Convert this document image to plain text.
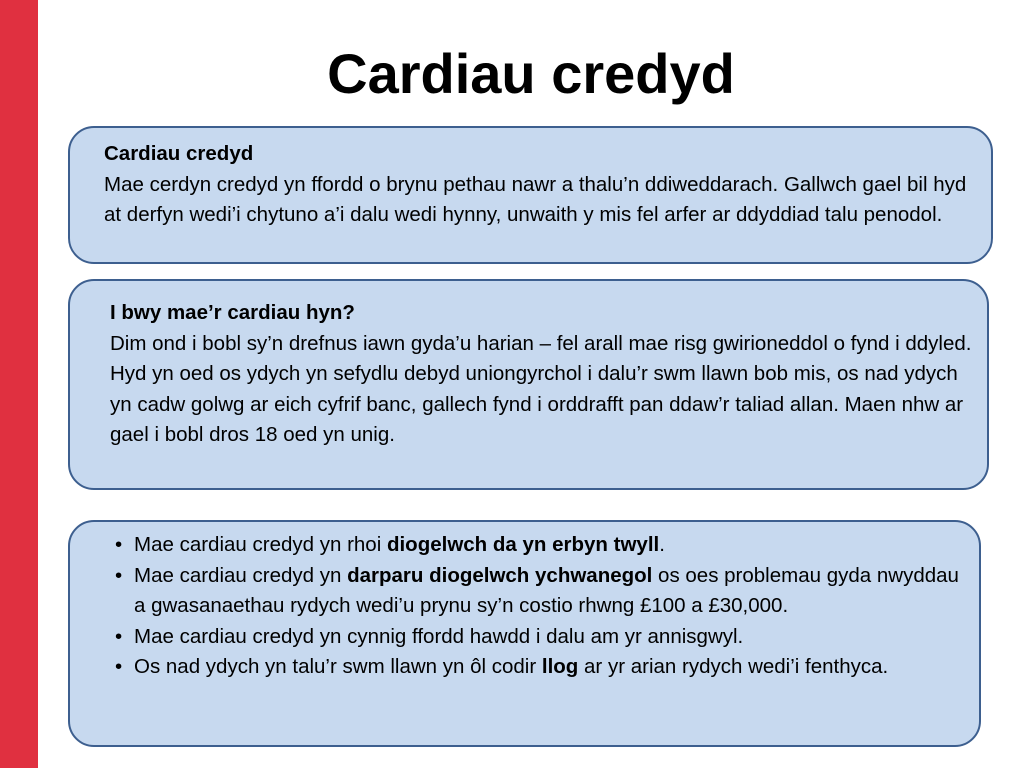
Cardiau credyd
Cardiau credyd
Mae cerdyn credyd yn ffordd o brynu pethau nawr a thalu’n ddiweddarach. Gallwch gael bil hyd at derfyn wedi’i chytuno a’i dalu wedi hynny, unwaith y mis fel arfer ar ddyddiad talu penodol.
I bwy mae’r cardiau hyn?
Dim ond i bobl sy’n drefnus iawn gyda’u harian – fel arall mae risg gwirioneddol o fynd i ddyled. Hyd yn oed os ydych yn sefydlu debyd uniongyrchol i dalu’r swm llawn bob mis, os nad ydych yn cadw golwg ar eich cyfrif banc, gallech fynd i orddrafft pan ddaw’r taliad allan. Maen nhw ar gael i bobl dros 18 oed yn unig.
• Mae cardiau credyd yn rhoi diogelwch da yn erbyn twyll.
• Mae cardiau credyd yn darparu diogelwch ychwanegol os oes problemau gyda nwyddau a gwasanaethau rydych wedi’u prynu sy’n costio rhwng £100 a £30,000.
• Mae cardiau credyd yn cynnig ffordd hawdd i dalu am yr annisgwyl.
• Os nad ydych yn talu’r swm llawn yn ôl codir llog ar yr arian rydych wedi’i fenthyca.
